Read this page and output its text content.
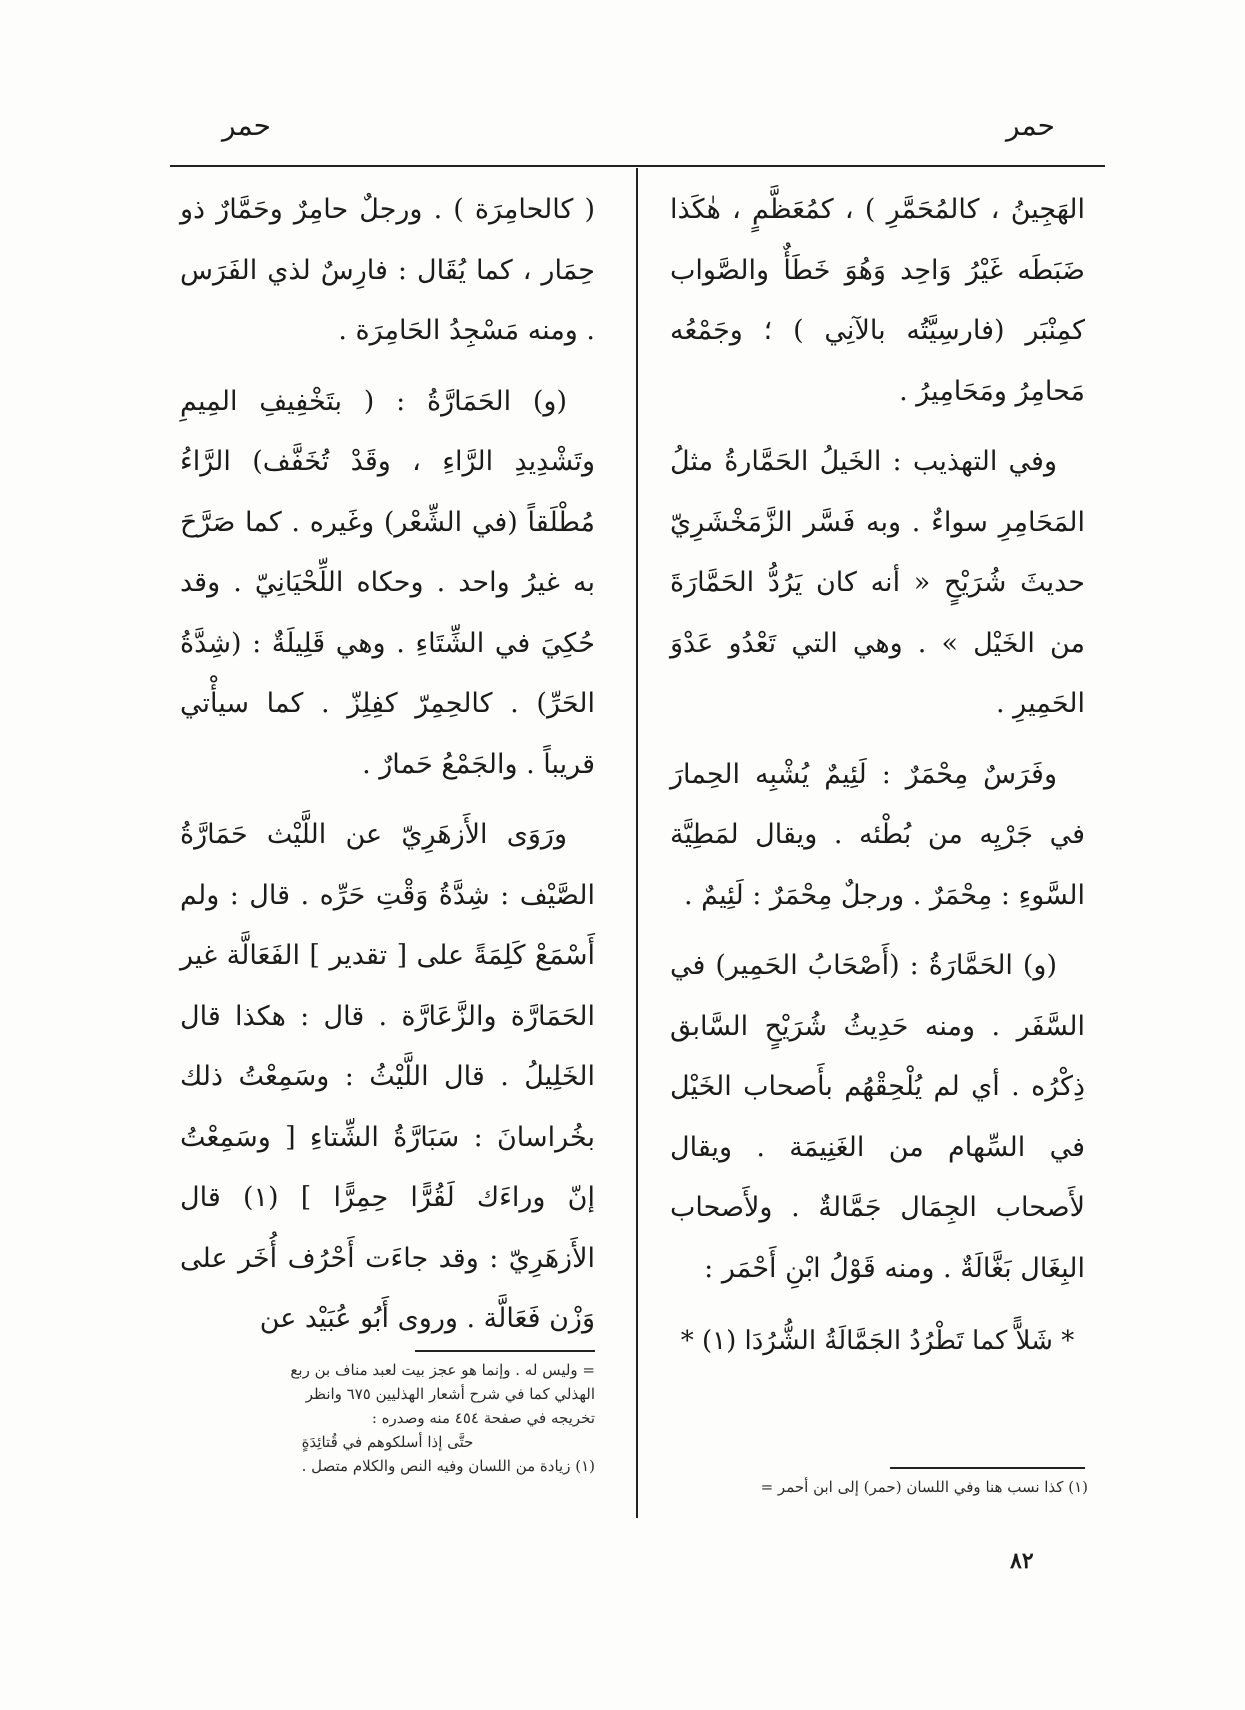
حمر
حمر

الهَجِينُ ، كالمُحَمَّرِ ) ، كمُعَظَّمٍ ، هٰكَذا ضَبَطَه غَيْرُ وَاحِد وَهُوَ خَطَأٌ والصَّواب كمِنْبَر (فارسِيَّتُه بالآنِي ) ؛ وجَمْعُه مَحامِرُ ومَحَامِيرُ .

وفي التهذيب : الخَيلُ الحَمَّارةُ مثلُ المَحَامِرِ سواءٌ . وبه فَسَّر الزَّمَخْشَرِيّ حديثَ شُرَيْحٍ « أنه كان يَرُدُّ الحَمَّارَةَ من الخَيْل » . وهي التي تَعْدُو عَدْوَ الحَمِيرِ .

وفَرَسٌ مِحْمَرٌ : لَئِيمٌ يُشْبِه الحِمارَ في جَرْيِه من بُطْئه . ويقال لمَطِيَّة السَّوءِ : مِحْمَرٌ . ورجلٌ مِحْمَرٌ : لَئِيمٌ .

(و) الحَمَّارَةُ : (أَصْحَابُ الحَمِير) في السَّفَر . ومنه حَدِيثُ شُرَيْحٍ السَّابق ذِكْرُه . أي لم يُلْحِقْهُم بأَصحاب الخَيْل في السِّهام من الغَنِيمَة . ويقال لأَصحاب الجِمَال جَمَّالةٌ . ولأَصحاب البِغَال بَغَّالَةٌ . ومنه قَوْلُ ابْنِ أَحْمَر :

* شَلاًّ كما تَطْرُدُ الجَمَّالَةُ الشُّرُدَا (١) *

( كالحامِرَة ) . ورجلٌ حامِرٌ وحَمَّارٌ ذو حِمَار ، كما يُقَال : فارِسٌ لذي الفَرَس . ومنه مَسْجِدُ الحَامِرَة .

(و) الحَمَارَّةُ : ( بتَخْفِيفِ المِيمِ وتَشْدِيدِ الرَّاءِ ، وقَدْ تُخَفَّف) الرَّاءُ مُطْلَقاً (في الشِّعْر) وغَيره . كما صَرَّحَ به غيرُ واحد . وحكاه اللِّحْيَانِيّ . وقد حُكِيَ في الشِّتَاءِ . وهي قَلِيلَةٌ : (شِدَّةُ الحَرِّ) . كالحِمِرّ كفِلِزّ . كما سيأْتي قريباً . والجَمْعُ حَمارٌ .

ورَوَى الأَزهَرِيّ عن اللَّيْث حَمَارَّةُ الصَّيْف : شِدَّةُ وَقْتِ حَرِّه . قال : ولم أَسْمَعْ كَلِمَةً على [ تقدير ] الفَعَالَّة غير الحَمَارَّة والزَّعَارَّة . قال : هكذا قال الخَلِيلُ . قال اللَّيْثُ : وسَمِعْتُ ذلك بخُراسانَ : سَبَارَّةُ الشِّتاءِ [ وسَمِعْتُ إنّ وراءَك لَقُرًّا حِمِرًّا ] (١) قال الأَزهَرِيّ : وقد جاءَت أَحْرُف أُخَر على وَزْن فَعَالَّة . وروى أَبُو عُبَيْد عن

= وليس له . وإنما هو عجز بيت لعبد مناف بن ربع
الهذلي كما في شرح أشعار الهذليين ٦٧٥ وانظر
تخريجه في صفحة ٤٥٤ منه وصدره :
حتَّى إذا أسلكوهم في قُتائِدَةٍ
(١) زيادة من اللسان وفيه النص والكلام متصل .
(١) كذا نسب هنا وفي اللسان (حمر) إلى ابن أحمر =
٨٢
